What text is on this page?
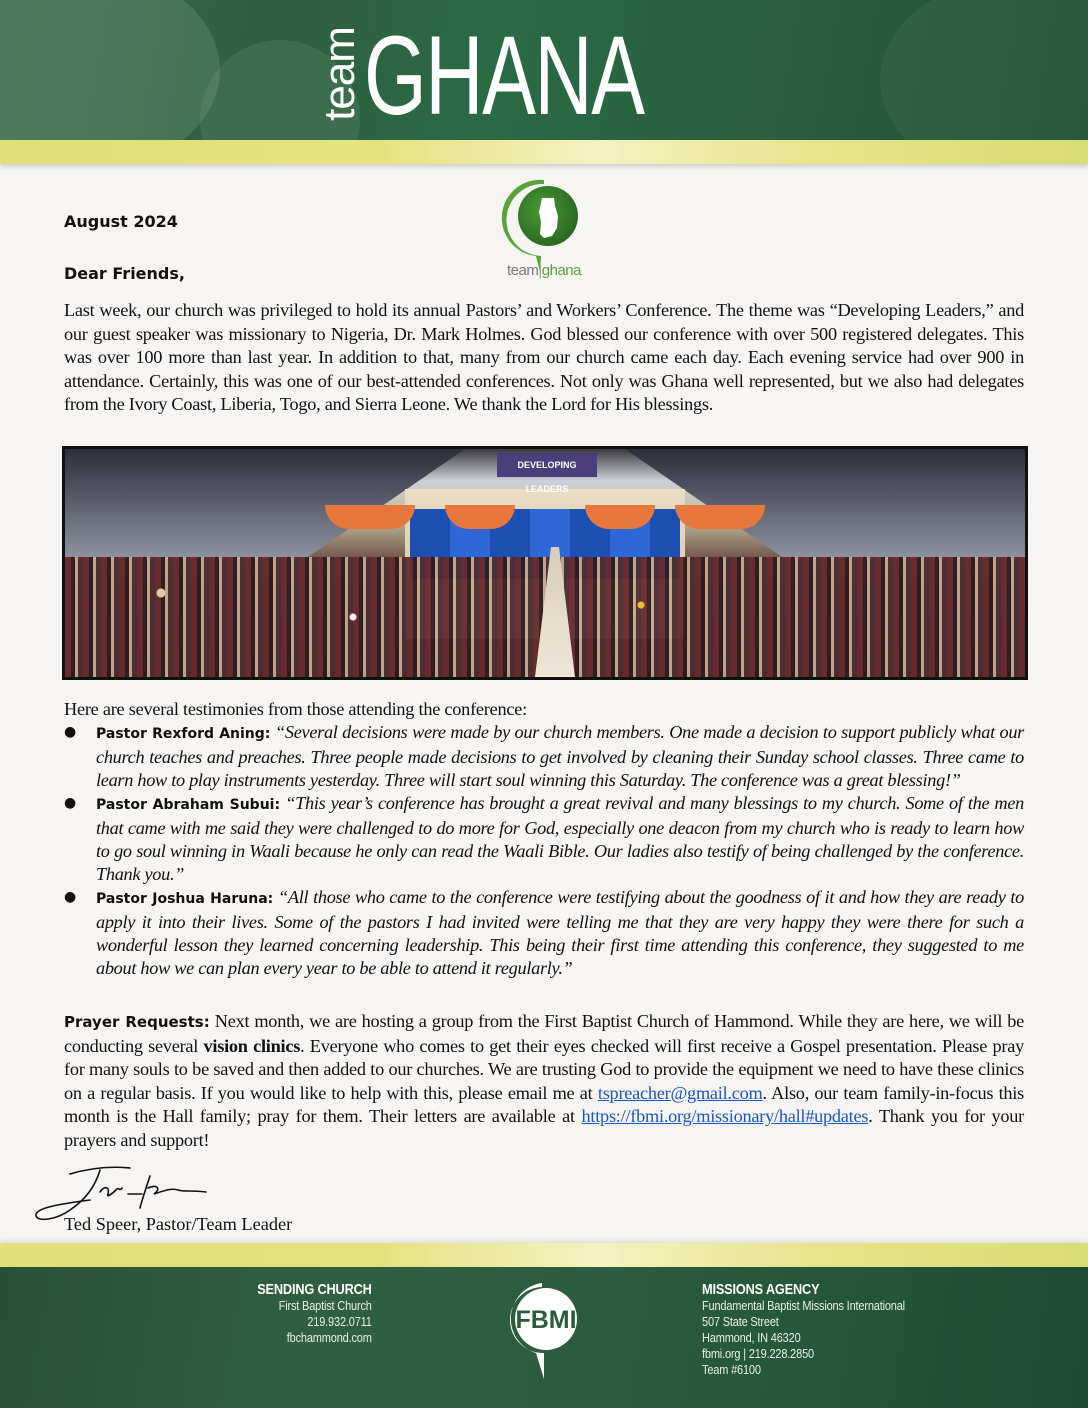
team GHANA
August 2024
Dear Friends,	team|ghana

Last week, our church was privileged to hold its annual Pastors’ and Workers’ Conference. The theme was “Developing Leaders,” and our guest speaker was missionary to Nigeria, Dr. Mark Holmes. God blessed our conference with over 500 registered delegates. This was over 100 more than last year. In addition to that, many from our church came each day. Each evening service had over 900 in attendance. Certainly, this was one of our best-attended conferences. Not only was Ghana well represented, but we also had delegates from the Ivory Coast, Liberia, Togo, and Sierra Leone. We thank the Lord for His blessings.

DEVELOPING LEADERS

Here are several testimonies from those attending the conference:

● Pastor Rexford Aning: “Several decisions were made by our church members. One made a decision to support publicly what our church teaches and preaches. Three people made decisions to get involved by cleaning their Sunday school classes. Three came to learn how to play instruments yesterday. Three will start soul winning this Saturday. The conference was a great blessing!”
● Pastor Abraham Subui: “This year’s conference has brought a great revival and many blessings to my church. Some of the men that came with me said they were challenged to do more for God, especially one deacon from my church who is ready to learn how to go soul winning in Waali because he only can read the Waali Bible. Our ladies also testify of being challenged by the conference. Thank you.”
● Pastor Joshua Haruna: “All those who came to the conference were testifying about the goodness of it and how they are ready to apply it into their lives. Some of the pastors I had invited were telling me that they are very happy they were there for such a wonderful lesson they learned concerning leadership. This being their first time attending this conference, they suggested to me about how we can plan every year to be able to attend it regularly.”

Prayer Requests: Next month, we are hosting a group from the First Baptist Church of Hammond. While they are here, we will be conducting several vision clinics. Everyone who comes to get their eyes checked will first receive a Gospel presentation. Please pray for many souls to be saved and then added to our churches. We are trusting God to provide the equipment we need to have these clinics on a regular basis. If you would like to help with this, please email me at tspreacher@gmail.com. Also, our team family-in-focus this month is the Hall family; pray for them. Their letters are available at https://fbmi.org/missionary/hall#updates. Thank you for your prayers and support!

Ted Speer, Pastor/Team Leader
SENDING CHURCH
First Baptist Church
219.932.0711
fbchammond.com
FBMI
MISSIONS AGENCY
Fundamental Baptist Missions International
507 State Street
Hammond, IN 46320
fbmi.org | 219.228.2850
Team #6100
